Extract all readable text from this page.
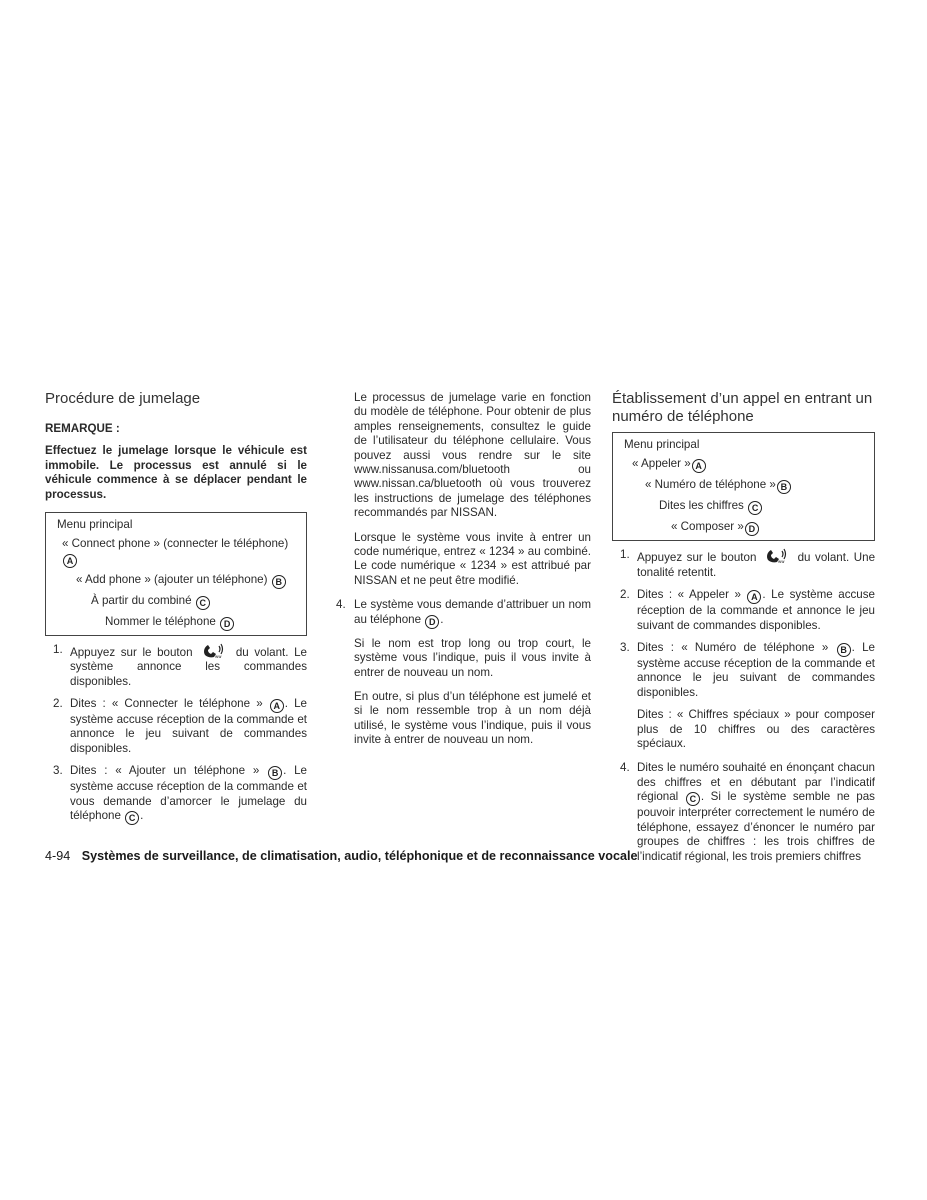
Procédure de jumelage

REMARQUE :

Effectuez le jumelage lorsque le véhicule est immobile. Le processus est annulé si le véhicule commence à se déplacer pendant le processus.

Menu principal
« Connect phone » (connecter le téléphone)
A
« Add phone » (ajouter un téléphone) B
À partir du combiné C
Nommer le téléphone D
1. Appuyez sur le bouton	ww du volant. Le système annonce les commandes disponibles.
2. Dites : « Connecter le téléphone » A . Le système accuse réception de la commande et annonce le jeu suivant de commandes disponibles.
3. Dites : « Ajouter un téléphone » B . Le système accuse réception de la commande et vous demande d’amorcer le jumelage du téléphone C .

Le processus de jumelage varie en fonction du modèle de téléphone. Pour obtenir de plus amples renseignements, consultez le guide de l’utilisateur du téléphone cellulaire. Vous pouvez aussi vous rendre sur le site www.nissanusa.com/bluetooth ou www.nissan.ca/bluetooth où vous trouverez les instructions de jumelage des téléphones recommandés par NISSAN.

Lorsque le système vous invite à entrer un code numérique, entrez « 1234 » au combiné. Le code numérique « 1234 » est attribué par NISSAN et ne peut être modifié.

4. Le système vous demande d’attribuer un nom au téléphone D .

Si le nom est trop long ou trop court, le système vous l’indique, puis il vous invite à entrer de nouveau un nom.

En outre, si plus d’un téléphone est jumelé et si le nom ressemble trop à un nom déjà utilisé, le système vous l’indique, puis il vous invite à entrer de nouveau un nom.

Établissement d’un appel en entrant un numéro de téléphone
Menu principal
« Appeler » A
« Numéro de téléphone » B
Dites les chiffres C
« Composer » D
1. Appuyez sur le bouton	ww du volant. Une tonalité retentit.
2. Dites : « Appeler » A . Le système accuse réception de la commande et annonce le jeu suivant de commandes disponibles.
3. Dites : « Numéro de téléphone » B . Le système accuse réception de la commande et annonce le jeu suivant de commandes disponibles.

Dites : « Chiffres spéciaux » pour composer plus de 10 chiffres ou des caractères spéciaux.

4. Dites le numéro souhaité en énonçant chacun des chiffres et en débutant par l’indicatif régional C . Si le système semble ne pas pouvoir interpréter correctement le numéro de téléphone, essayez d’énoncer le numéro par groupes de chiffres : les trois chiffres de l’indicatif régional, les trois premiers chiffres
4-94 Systèmes de surveillance, de climatisation, audio, téléphonique et de reconnaissance vocale
